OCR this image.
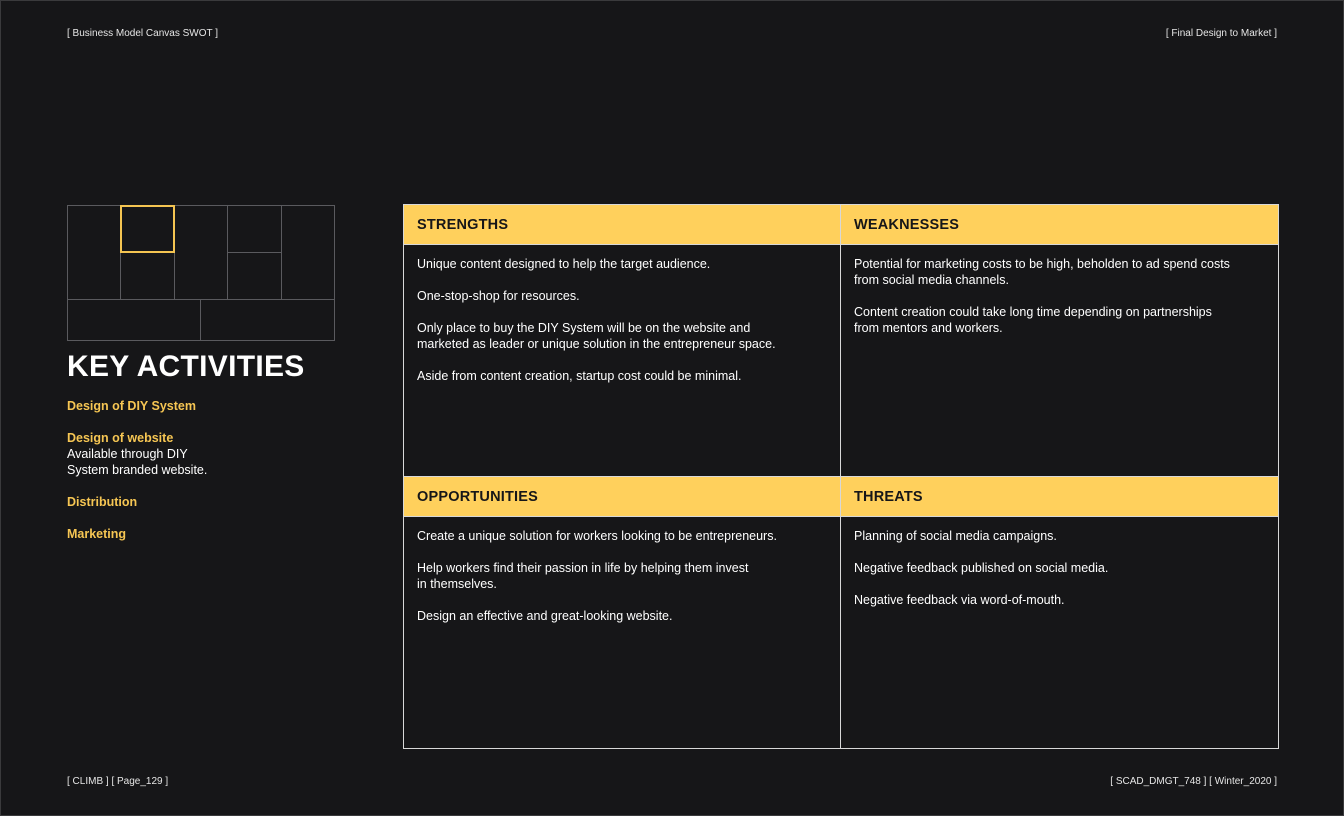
[ Business Model Canvas SWOT ]	[ Final Design to Market ]
KEY ACTIVITIES
Design of DIY System
Design of website
Available through DIY
System branded website.
Distribution
Marketing
STRENGTHS

Unique content designed to help the target audience.

One-stop-shop for resources.

Only place to buy the DIY System will be on the website and
marketed as leader or unique solution in the entrepreneur space.

Aside from content creation, startup cost could be minimal.

WEAKNESSES

Potential for marketing costs to be high, beholden to ad spend costs
from social media channels.

Content creation could take long time depending on partnerships
from mentors and workers.

OPPORTUNITIES

Create a unique solution for workers looking to be entrepreneurs.

Help workers find their passion in life by helping them invest
in themselves.

Design an effective and great-looking website.

THREATS

Planning of social media campaigns.

Negative feedback published on social media.

Negative feedback via word-of-mouth.

[ CLIMB ] [ Page_129 ]	[ SCAD_DMGT_748 ] [ Winter_2020 ]
